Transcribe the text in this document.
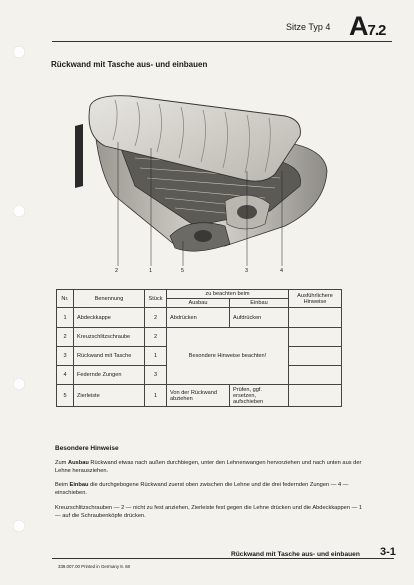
Sitze Typ 4 A7.2
Rückwand mit Tasche aus- und einbauen
2	1	5	3	4
Nr.	Benennung	Stück	zu beachten beim		Ausführlichere Hinweise
			Ausbau	Einbau	
1	Abdeckkappe	2	Abdrücken	Aufdrücken	
2	Kreuzschlitzschraube	2	Besondere Hinweise beachten!		
3	Rückwand mit Tasche	1			
4	Federnde Zungen	3			
5	Zierleiste	1	Von der Rückwand abziehen	Prüfen, ggf. ersetzen, aufschieben	
Besondere Hinweise
Zum Ausbau Rückwand etwas nach außen durchbiegen, unter den Lehnenwangen hervorziehen und nach unten aus der Lehne herausziehen.
Beim Einbau die durchgebogene Rückwand zuerst oben zwischen die Lehne und die drei federnden Zungen — 4 — einschieben.
Kreuzschlitzschrauben — 2 — nicht zu fest anziehen, Zierleiste fest gegen die Lehne drücken und die Abdeckkappen — 1 — auf die Schraubenköpfe drücken.
Rückwand mit Tasche aus- und einbauen 3-1
339.007.00 Printed in Germany 8. 68
